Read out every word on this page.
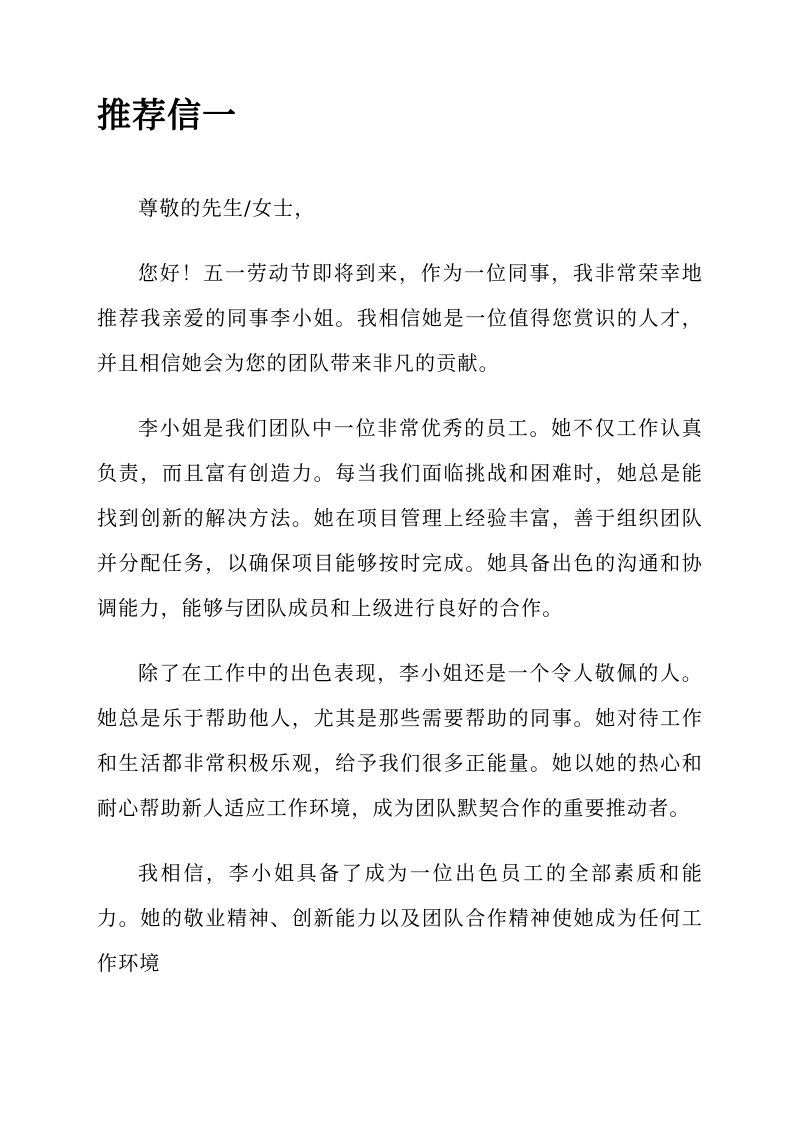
推荐信一

尊敬的先生/女士，

您好！五一劳动节即将到来，作为一位同事，我非常荣幸地推荐我亲爱的同事李小姐。我相信她是一位值得您赏识的人才，并且相信她会为您的团队带来非凡的贡献。

李小姐是我们团队中一位非常优秀的员工。她不仅工作认真负责，而且富有创造力。每当我们面临挑战和困难时，她总是能找到创新的解决方法。她在项目管理上经验丰富，善于组织团队并分配任务，以确保项目能够按时完成。她具备出色的沟通和协调能力，能够与团队成员和上级进行良好的合作。

除了在工作中的出色表现，李小姐还是一个令人敬佩的人。她总是乐于帮助他人，尤其是那些需要帮助的同事。她对待工作和生活都非常积极乐观，给予我们很多正能量。她以她的热心和耐心帮助新人适应工作环境，成为团队默契合作的重要推动者。

我相信，李小姐具备了成为一位出色员工的全部素质和能力。她的敬业精神、创新能力以及团队合作精神使她成为任何工作环境
